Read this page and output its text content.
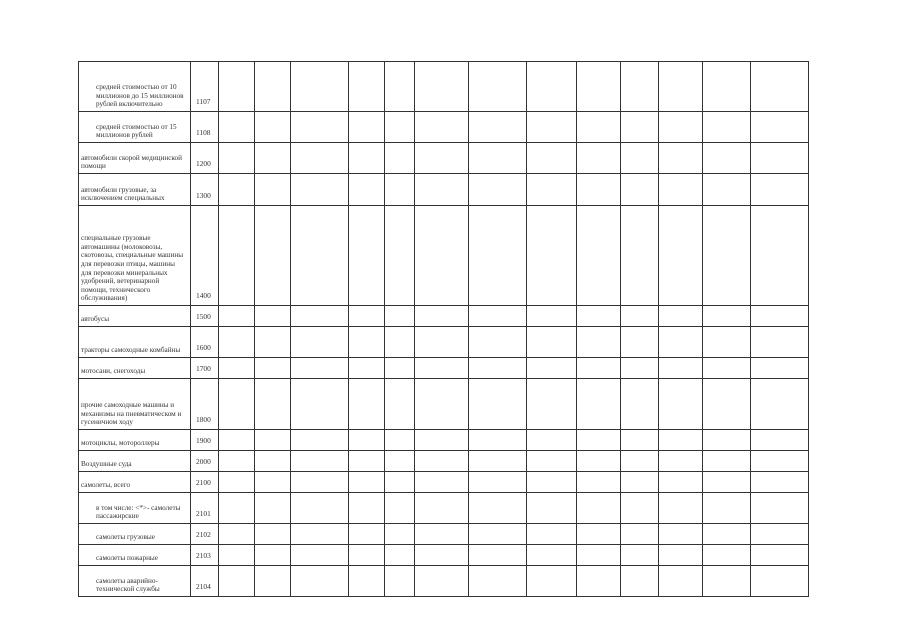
средней стоимостью от 10 миллионов до 15 миллионов рублей включительно	1107													
средней стоимостью от 15 миллионов рублей	1108													
автомобили скорой медицинской помощи	1200													
автомобили грузовые, за исключением специальных	1300													
специальные грузовые автомашины (молоковозы, скотовозы, специальные машины для перевозки птицы, машины для перевозки минеральных удобрений, ветеринарной помощи, технического обслуживания)	1400													
автобусы	1500													
тракторы самоходные комбайны	1600													
мотосани, снегоходы	1700													
прочие самоходные машины и механизмы на пневматическом и гусеничном ходу	1800													
мотоциклы, мотороллеры	1900													
Воздушные суда	2000													
самолеты, всего	2100													
в том числе: <*>- самолеты пассажирские	2101													
самолеты грузовые	2102													
самолеты пожарные	2103													
самолеты аварийно-технической службы	2104													
